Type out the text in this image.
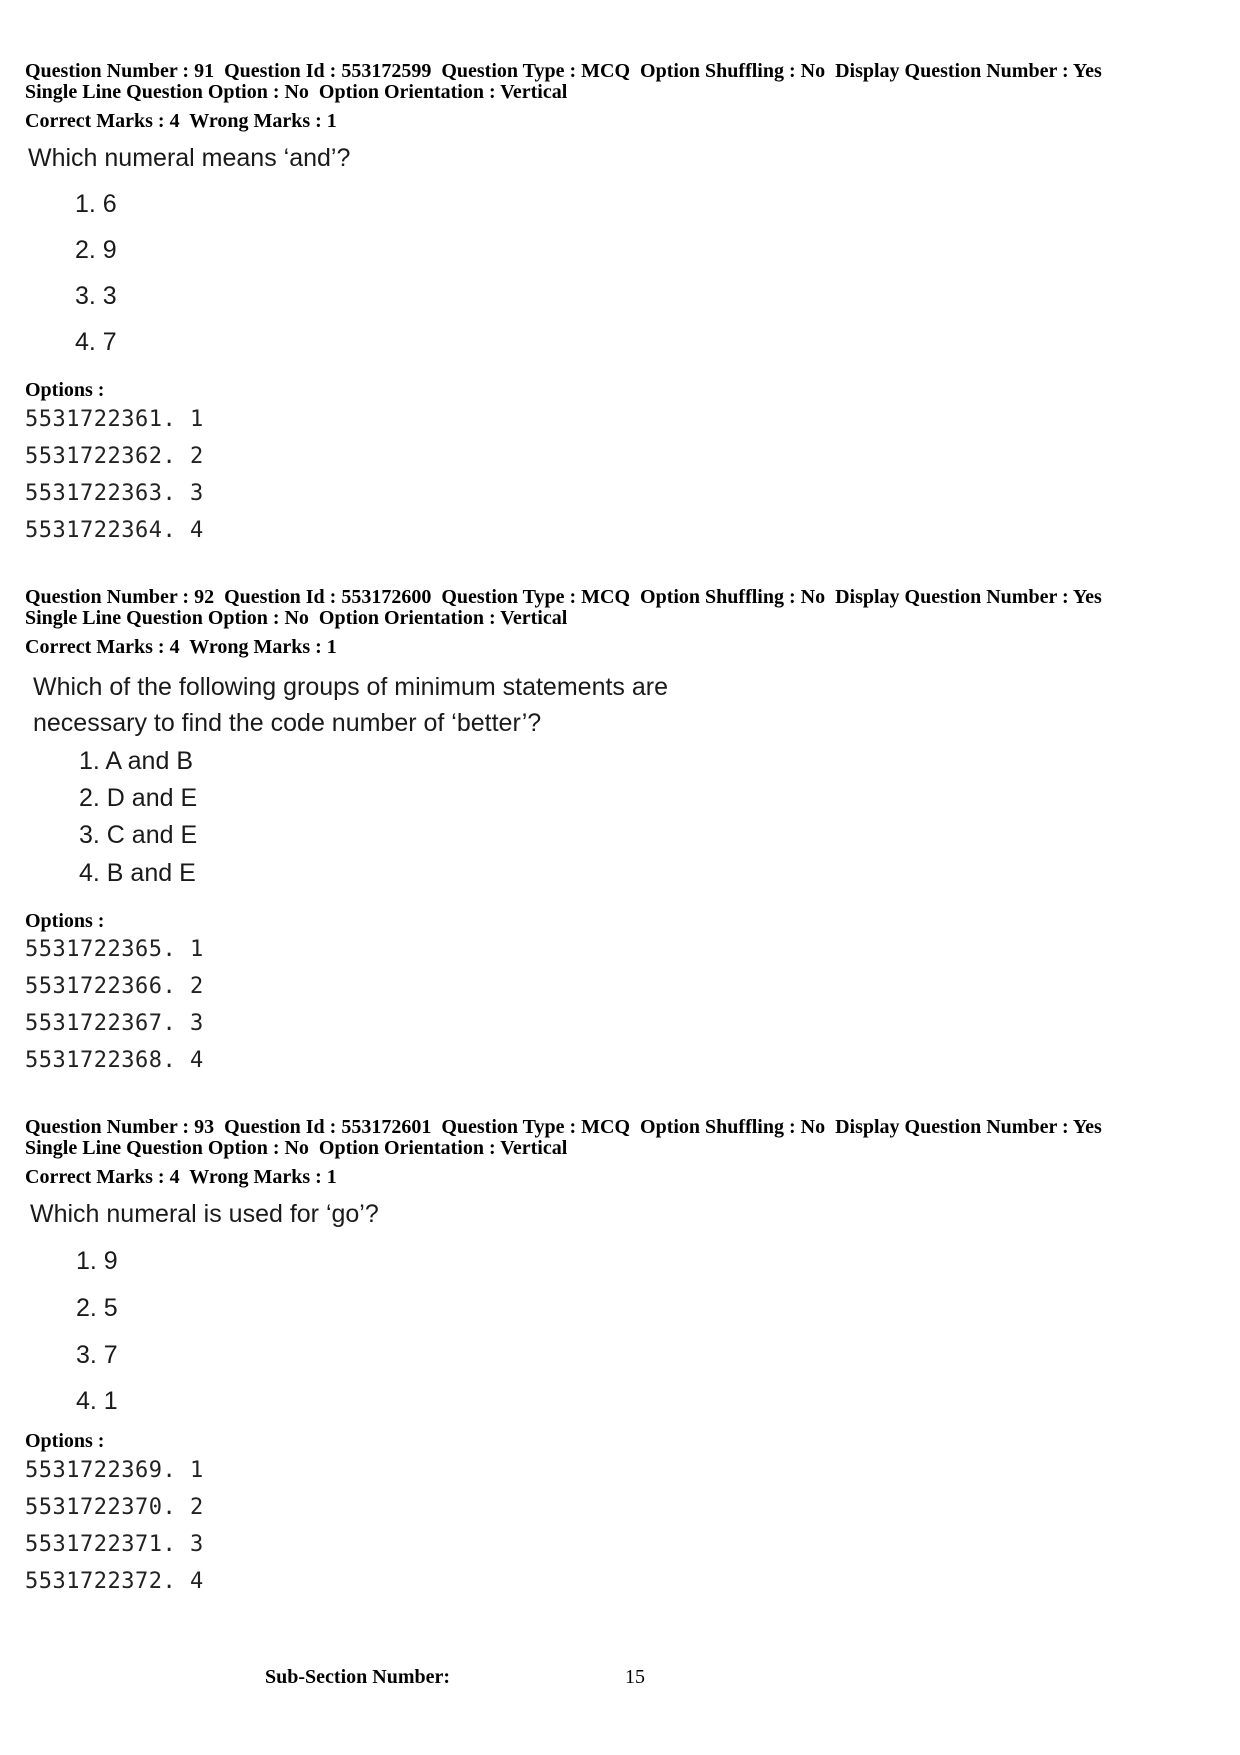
Question Number : 91  Question Id : 553172599  Question Type : MCQ  Option Shuffling : No  Display Question Number : Yes
Single Line Question Option : No  Option Orientation : Vertical
Correct Marks : 4  Wrong Marks : 1
Which numeral means ‘and’?
1. 6
2. 9
3. 3
4. 7
Options :
5531722361. 1
5531722362. 2
5531722363. 3
5531722364. 4
Question Number : 92  Question Id : 553172600  Question Type : MCQ  Option Shuffling : No  Display Question Number : Yes
Single Line Question Option : No  Option Orientation : Vertical
Correct Marks : 4  Wrong Marks : 1
Which of the following groups of minimum statements are
necessary to find the code number of ‘better’?
1. A and B
2. D and E
3. C and E
4. B and E
Options :
5531722365. 1
5531722366. 2
5531722367. 3
5531722368. 4
Question Number : 93  Question Id : 553172601  Question Type : MCQ  Option Shuffling : No  Display Question Number : Yes
Single Line Question Option : No  Option Orientation : Vertical
Correct Marks : 4  Wrong Marks : 1
Which numeral is used for ‘go’?
1. 9
2. 5
3. 7
4. 1
Options :
5531722369. 1
5531722370. 2
5531722371. 3
5531722372. 4
Sub-Section Number:	15
